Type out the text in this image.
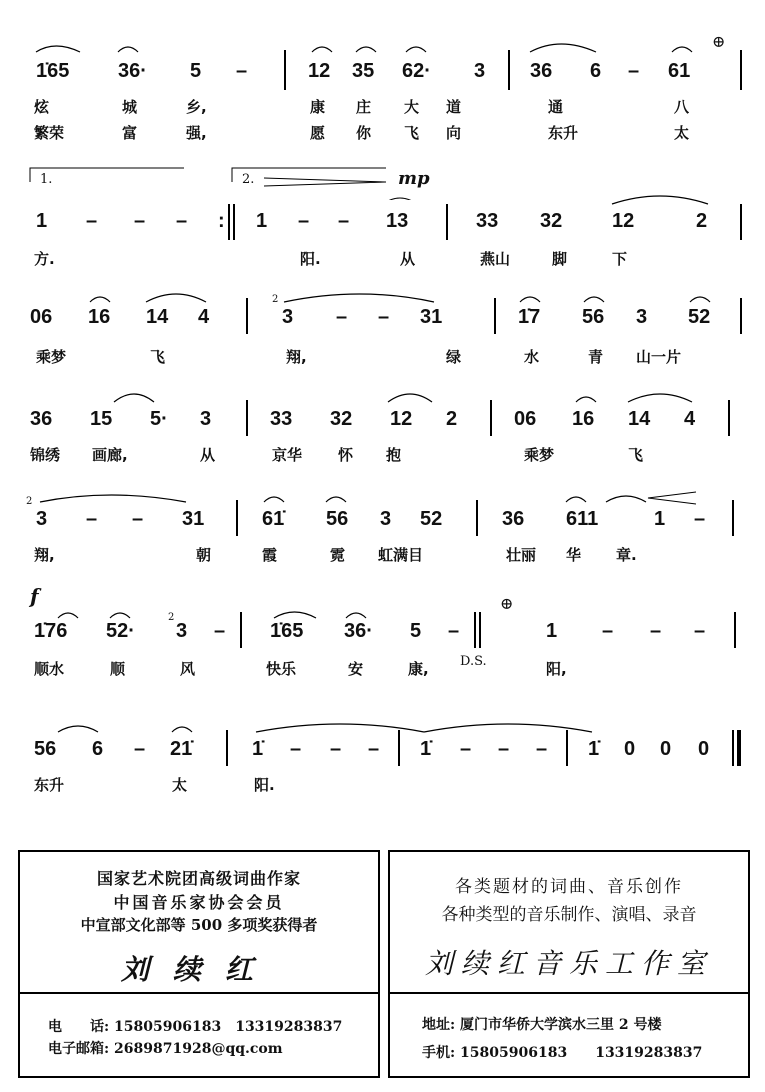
⊕
1̇65 36· 5 –	12 35 62· 3 36 6 – 61
炫	城	乡,	康 庄 大 道	通	八
繁荣	富	强,	愿 你 飞 向	东升	太
1.	2.	mp
:
1 – – –	1 – – 13	33 32 12	2
方.	阳.	从	燕山	脚	下
2
06 16 14 4	3 – – 31	1̇7 56 3 52
乘梦	飞	翔,	绿	水	青 山一片
36 15 5· 3	33 32 12 2	06 16 14 4
锦绣 画廊,	从	京华 怀 抱	乘梦	飞
2
3 – – 31	61̇ 56 3 52	36 611	1 –
翔,	朝	霞	霓 虹满目	壮丽 华 章.
f	⊕
2
1̇76 52· 3 – 1̇65 36· 5 –	1 – – –
顺水	顺	风	快乐	安	康,	阳,
D.S.
56 6 – 21̇	1̇ – – – 1̇ – – – 1̇ 0 0 0
东升	太	阳.
国家艺术院团高级词曲作家
中国音乐家协会会员
中宣部文化部等 500 多项奖获得者
刘续红
电　　话: 15805906183　13319283837
电子邮箱: 2689871928@qq.com
各类题材的词曲、音乐创作
各种类型的音乐制作、演唱、录音
刘续红音乐工作室
地址: 厦门市华侨大学滨水三里 2 号楼
手机: 15805906183　　13319283837
